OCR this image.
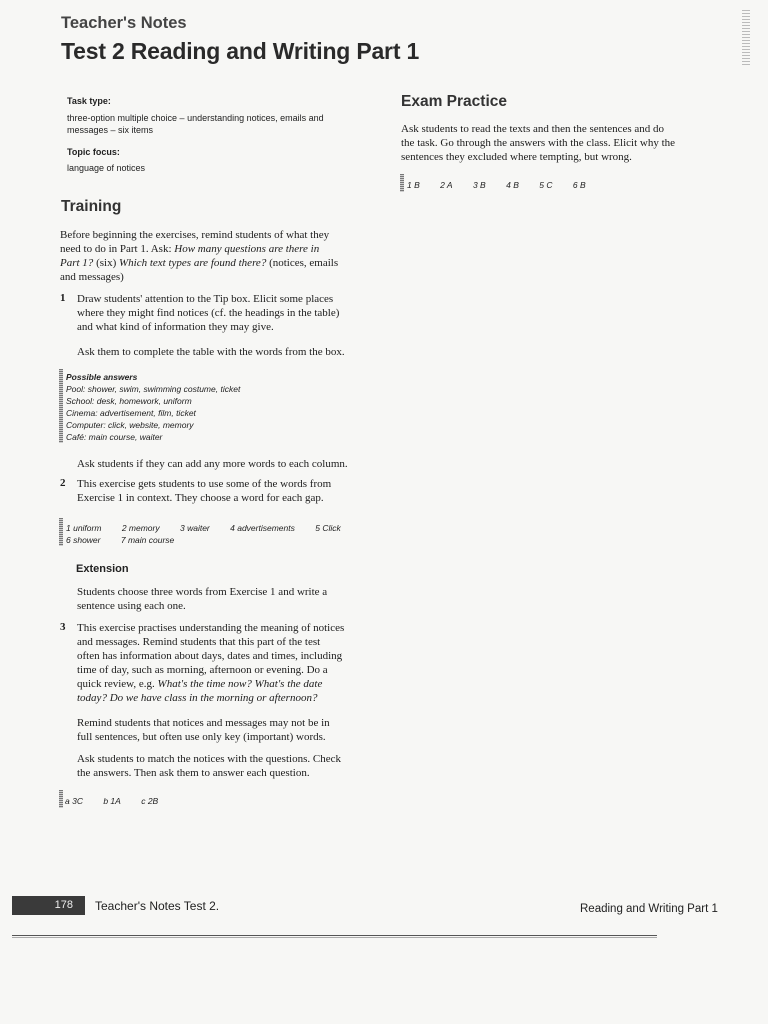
Teacher's Notes
Test 2 Reading and Writing Part 1
Task type:
three-option multiple choice – understanding notices, emails and
messages – six items
Topic focus:
language of notices
Training
Before beginning the exercises, remind students of what they
need to do in Part 1. Ask: How many questions are there in
Part 1? (six) Which text types are found there? (notices, emails
and messages)
1 Draw students' attention to the Tip box. Elicit some places
where they might find notices (cf. the headings in the table)
and what kind of information they may give.
Ask them to complete the table with the words from the box.
Possible answers
Pool: shower, swim, swimming costume, ticket
School: desk, homework, uniform
Cinema: advertisement, film, ticket
Computer: click, website, memory
Café: main course, waiter
Ask students if they can add any more words to each column.
2 This exercise gets students to use some of the words from
Exercise 1 in context. They choose a word for each gap.
1 uniform 2 memory 3 waiter 4 advertisements 5 Click
6 shower 7 main course
Extension
Students choose three words from Exercise 1 and write a
sentence using each one.
3 This exercise practises understanding the meaning of notices
and messages. Remind students that this part of the test
often has information about days, dates and times, including
time of day, such as morning, afternoon or evening. Do a
quick review, e.g. What's the time now? What's the date
today? Do we have class in the morning or afternoon?
Remind students that notices and messages may not be in
full sentences, but often use only key (important) words.
Ask students to match the notices with the questions. Check
the answers. Then ask them to answer each question.
a 3C b 1A c 2B
Exam Practice
Ask students to read the texts and then the sentences and do
the task. Go through the answers with the class. Elicit why the
sentences they excluded where tempting, but wrong.
1 B 2 A 3 B 4 B 5 C 6 B
178	Teacher's Notes Test 2.	Reading and Writing Part 1
